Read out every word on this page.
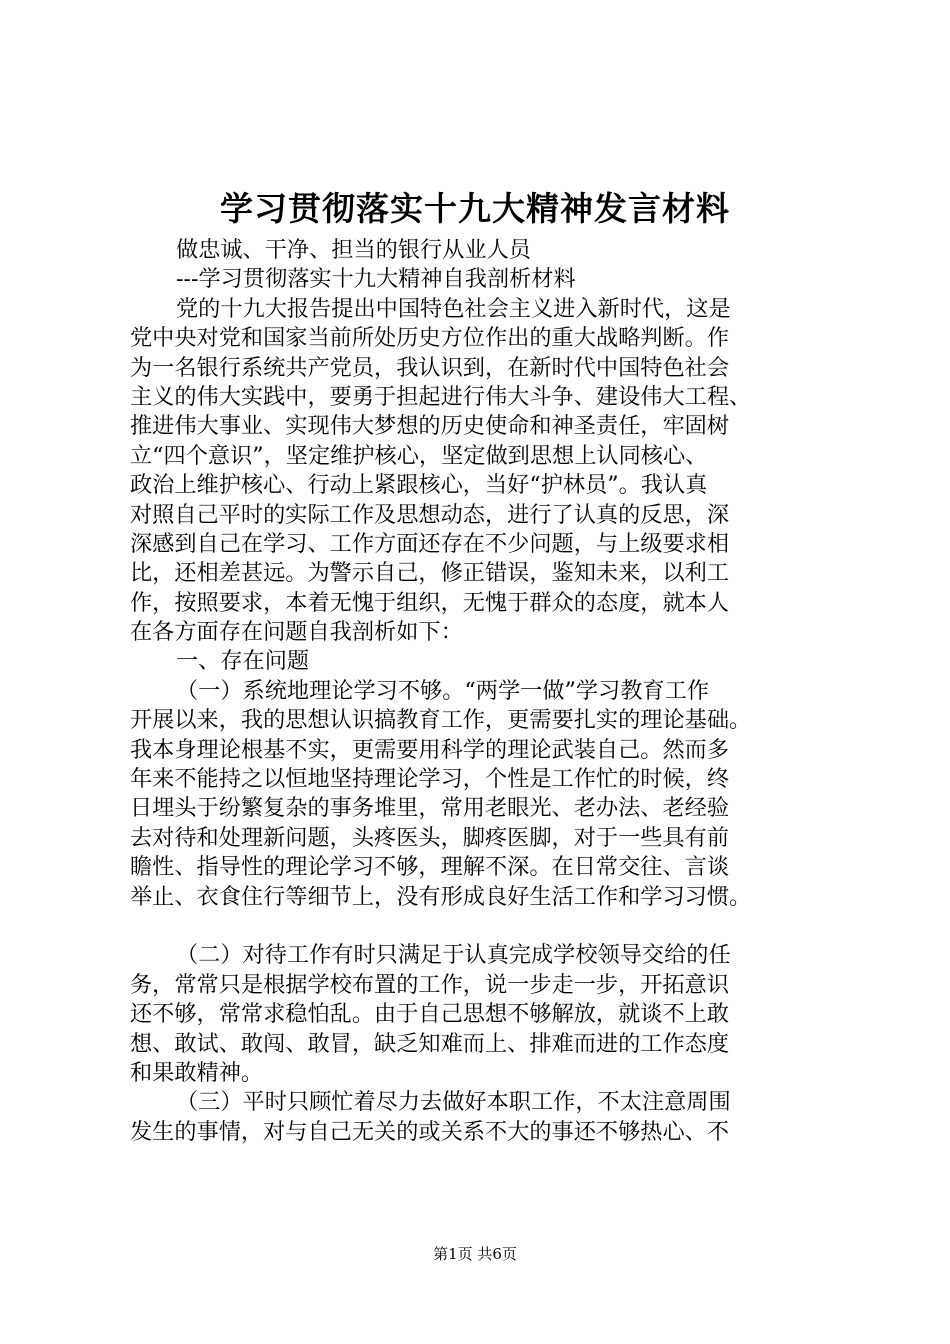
学习贯彻落实十九大精神发言材料
做忠诚、干净、担当的银行从业人员
---学习贯彻落实十九大精神自我剖析材料
党的十九大报告提出中国特色社会主义进入新时代，这是
党中央对党和国家当前所处历史方位作出的重大战略判断。作
为一名银行系统共产党员，我认识到，在新时代中国特色社会
主义的伟大实践中，要勇于担起进行伟大斗争、建设伟大工程、
推进伟大事业、实现伟大梦想的历史使命和神圣责任，牢固树
立“四个意识”，坚定维护核心，坚定做到思想上认同核心、
政治上维护核心、行动上紧跟核心，当好“护林员”。我认真
对照自己平时的实际工作及思想动态，进行了认真的反思，深
深感到自己在学习、工作方面还存在不少问题，与上级要求相
比，还相差甚远。为警示自己，修正错误，鉴知未来，以利工
作，按照要求，本着无愧于组织，无愧于群众的态度，就本人
在各方面存在问题自我剖析如下：
一、存在问题
（一）系统地理论学习不够。“两学一做”学习教育工作
开展以来，我的思想认识搞教育工作，更需要扎实的理论基础。
我本身理论根基不实，更需要用科学的理论武装自己。然而多
年来不能持之以恒地坚持理论学习，个性是工作忙的时候，终
日埋头于纷繁复杂的事务堆里，常用老眼光、老办法、老经验
去对待和处理新问题，头疼医头，脚疼医脚，对于一些具有前
瞻性、指导性的理论学习不够，理解不深。在日常交往、言谈
举止、衣食住行等细节上，没有形成良好生活工作和学习习惯。
（二）对待工作有时只满足于认真完成学校领导交给的任
务，常常只是根据学校布置的工作，说一步走一步，开拓意识
还不够，常常求稳怕乱。由于自己思想不够解放，就谈不上敢
想、敢试、敢闯、敢冒，缺乏知难而上、排难而进的工作态度
和果敢精神。
（三）平时只顾忙着尽力去做好本职工作，不太注意周围
发生的事情，对与自己无关的或关系不大的事还不够热心、不
第1页 共6页
